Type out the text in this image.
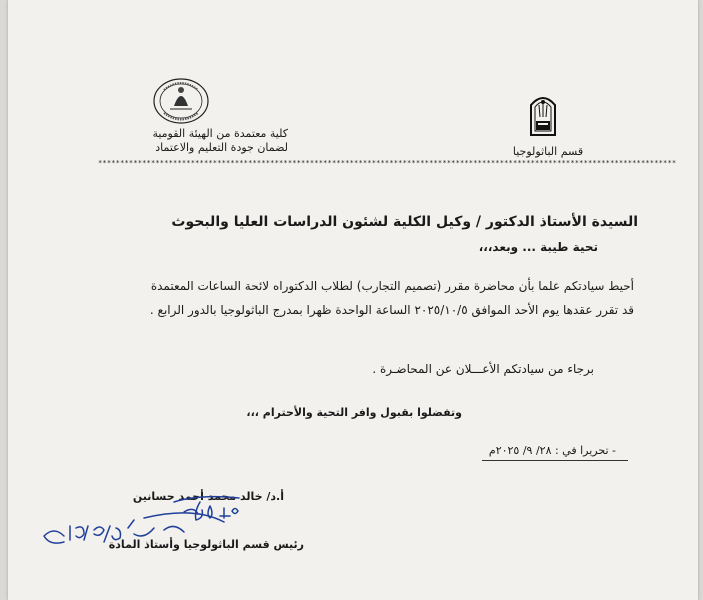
قسم الباثولوجيا
كلية معتمدة من الهيئة القومية
لضمان جودة التعليم والاعتماد
***********************************************************************************************************************************
السيدة الأستاذ الدكتور / وكيل الكلية لشئون الدراسات العليا والبحوث
تحية طيبة ... وبعد،،،
أحيط سيادتكم علما بأن محاضرة مقرر (تصميم التجارب) لطلاب الدكتوراه لائحة الساعات المعتمدة
قد تقرر عقدها يوم الأحد الموافق ٢٠٢٥/١٠/٥ الساعة الواحدة ظهرا بمدرج الباثولوجيا بالدور الرابع .
برجاء من سيادتكم الأعـــلان عن المحاضـرة .
وتفضلوا بقبول وافر التحية والأحترام ،،،
- تحريرا في : ٢٨/ ٩/ ٢٠٢٥م
أ.د/ خالد محمد أحمد حسانين
رئيس قسم الباثولوجيا وأستاذ المادة
